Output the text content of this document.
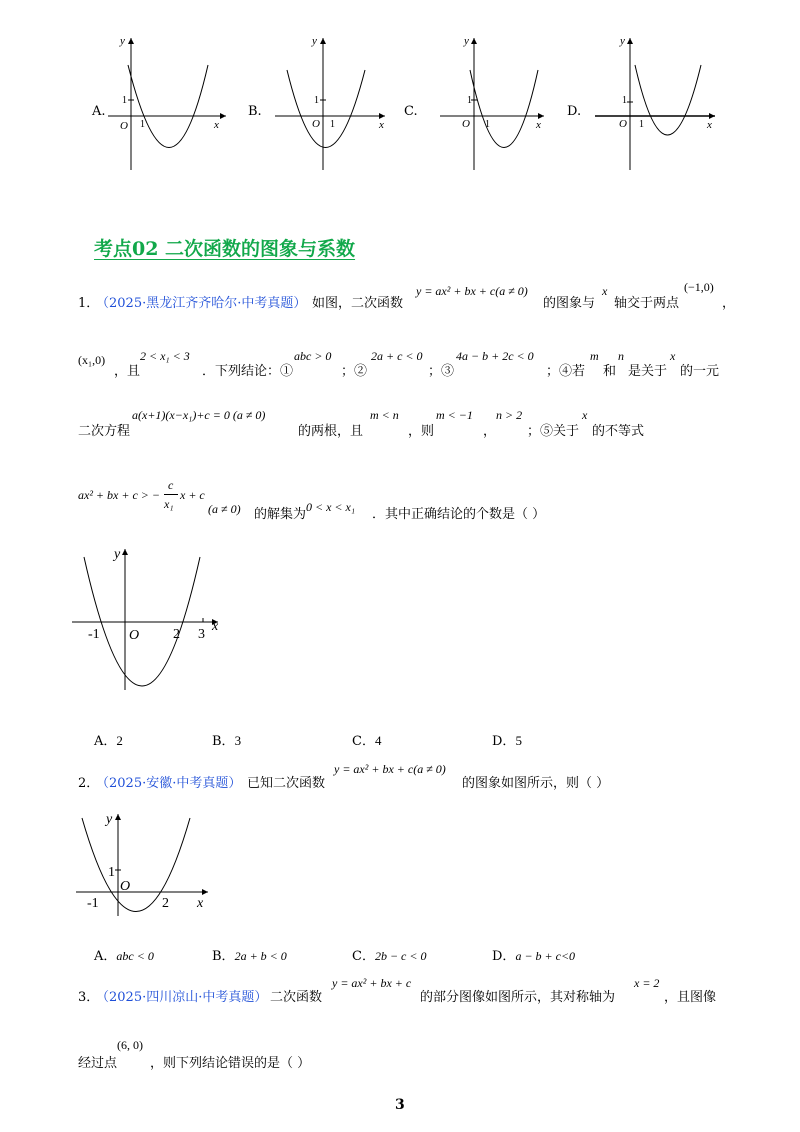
A.
y
x
O
1
1
B.
y
x
O
1
1
C.
y
x
O
1
1
D.
y
x
O
1
1
考点02 二次函数的图象与系数
1．
（2025·黑龙江齐齐哈尔·中考真题） 如图，二次函数
y = ax² + bx + c(a ≠ 0)
的图象与
x
轴交于两点
(−1,0)
，
(x₁,0)
，且
2 < x₁ < 3
．下列结论：①
abc > 0
；②
2a + c < 0
；③
4a − b + 2c < 0
；④若
m
和
n
是关于
x
的一元
二次方程
a(x+1)(x−x₁)+c = 0 (a ≠ 0)
的两根，且
m < n
，则
m < −1
，
n > 2
；⑤关于
x
的不等式
ax² + bx + c > −
c
x₁
x + c
(a ≠ 0) 的解集为 0 < x < x₁ ．其中正确结论的个数是（ ）
y
x
O
-1	2 3
A．2	B．3	C．4	D．5
2．
（2025·安徽·中考真题） 已知二次函数
y = ax² + bx + c(a ≠ 0)
的图象如图所示，则（ ）
y
x
O
1
-1	2
A．abc < 0	B．2a + b < 0	C．2b − c < 0	D．a − b + c<0
3．
（2025·四川凉山·中考真题） 二次函数
y = ax² + bx + c
的部分图像如图所示，其对称轴为
x = 2
，且图像
经过点
(6, 0)
，则下列结论错误的是（ ）
3
